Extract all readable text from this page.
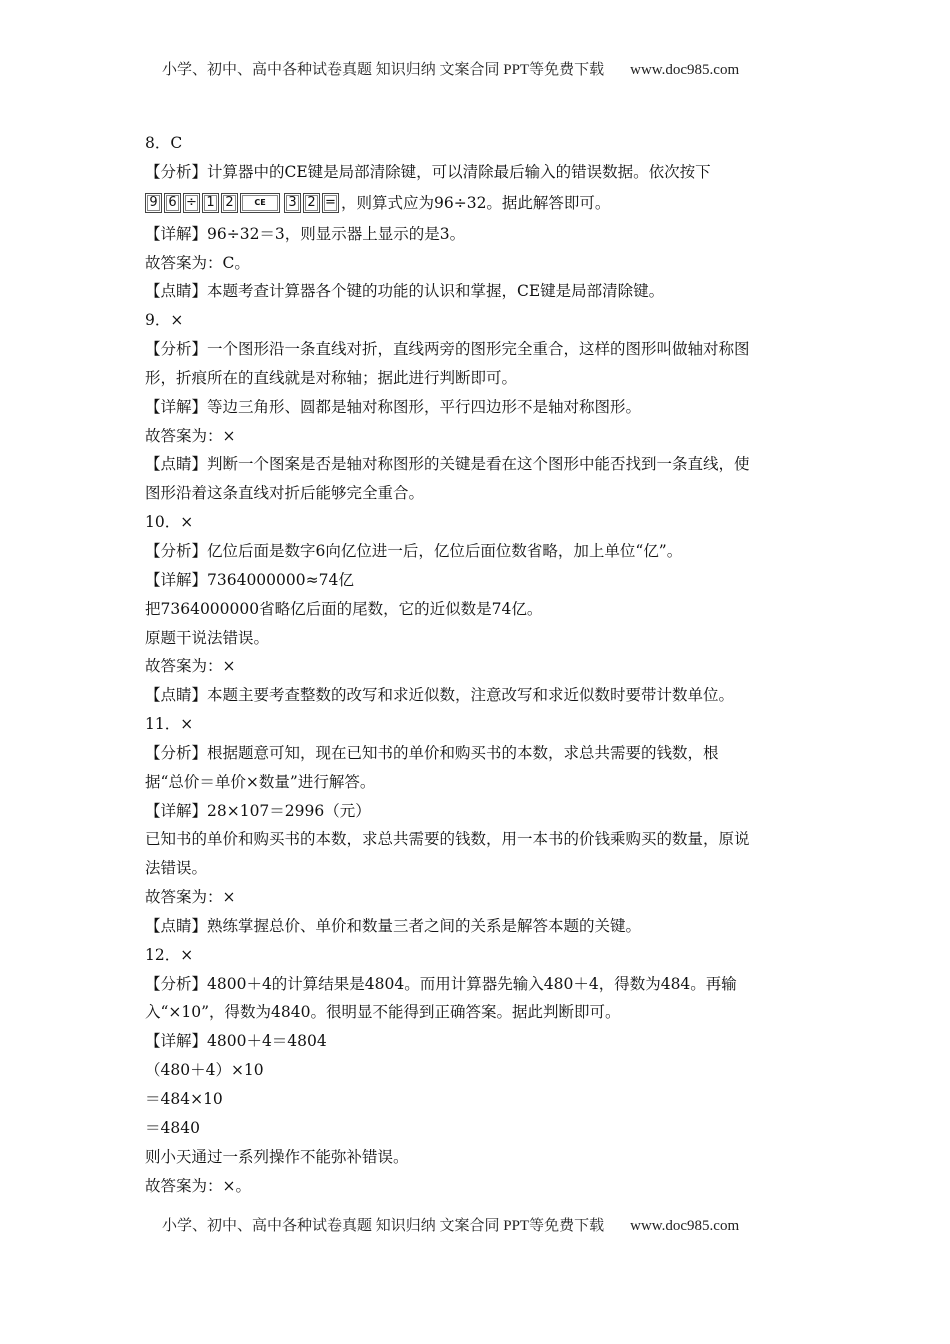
小学、初中、高中各种试卷真题 知识归纳 文案合同 PPT等免费下载 www.doc985.com
8．C
【分析】计算器中的CE键是局部清除键，可以清除最后输入的错误数据。依次按下
9 6 ÷ 1 2	CE	3 2 = ，则算式应为96÷32。据此解答即可。
【详解】96÷32＝3，则显示器上显示的是3。
故答案为：C。
【点睛】本题考查计算器各个键的功能的认识和掌握，CE键是局部清除键。
9．×
【分析】一个图形沿一条直线对折，直线两旁的图形完全重合，这样的图形叫做轴对称图
形，折痕所在的直线就是对称轴；据此进行判断即可。
【详解】等边三角形、圆都是轴对称图形，平行四边形不是轴对称图形。
故答案为：×
【点睛】判断一个图案是否是轴对称图形的关键是看在这个图形中能否找到一条直线，使
图形沿着这条直线对折后能够完全重合。
10．×
【分析】亿位后面是数字6向亿位进一后，亿位后面位数省略，加上单位“亿”。
【详解】7364000000≈74亿
把7364000000省略亿后面的尾数，它的近似数是74亿。
原题干说法错误。
故答案为：×
【点睛】本题主要考查整数的改写和求近似数，注意改写和求近似数时要带计数单位。
11．×
【分析】根据题意可知，现在已知书的单价和购买书的本数，求总共需要的钱数，根
据“总价＝单价×数量”进行解答。
【详解】28×107＝2996（元）
已知书的单价和购买书的本数，求总共需要的钱数，用一本书的价钱乘购买的数量，原说
法错误。
故答案为：×
【点睛】熟练掌握总价、单价和数量三者之间的关系是解答本题的关键。
12．×
【分析】4800＋4的计算结果是4804。而用计算器先输入480＋4，得数为484。再输
入“×10”，得数为4840。很明显不能得到正确答案。据此判断即可。
【详解】4800＋4＝4804
（480＋4）×10
＝484×10
＝4840
则小天通过一系列操作不能弥补错误。
故答案为：×。
小学、初中、高中各种试卷真题 知识归纳 文案合同 PPT等免费下载 www.doc985.com
